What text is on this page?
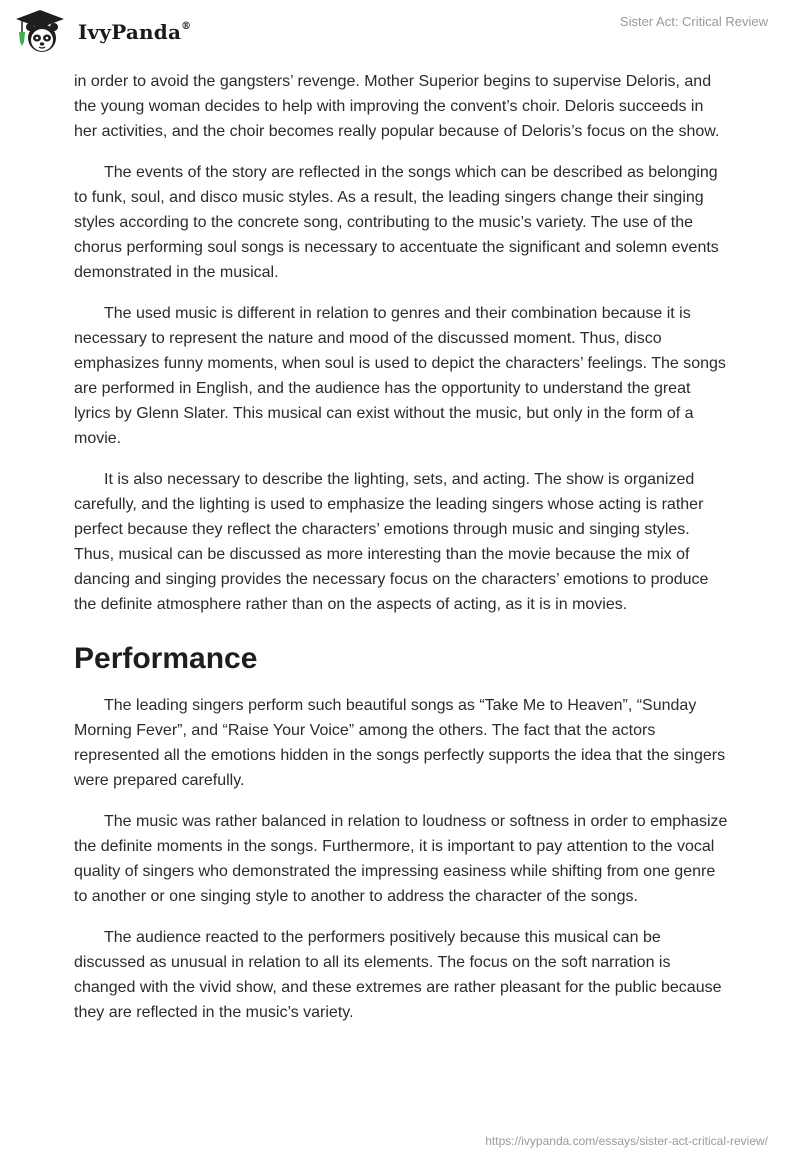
IvyPanda®	Sister Act: Critical Review

in order to avoid the gangsters’ revenge. Mother Superior begins to supervise Deloris, and the young woman decides to help with improving the convent’s choir. Deloris succeeds in her activities, and the choir becomes really popular because of Deloris’s focus on the show.

The events of the story are reflected in the songs which can be described as belonging to funk, soul, and disco music styles. As a result, the leading singers change their singing styles according to the concrete song, contributing to the music’s variety. The use of the chorus performing soul songs is necessary to accentuate the significant and solemn events demonstrated in the musical.

The used music is different in relation to genres and their combination because it is necessary to represent the nature and mood of the discussed moment. Thus, disco emphasizes funny moments, when soul is used to depict the characters’ feelings. The songs are performed in English, and the audience has the opportunity to understand the great lyrics by Glenn Slater. This musical can exist without the music, but only in the form of a movie.

It is also necessary to describe the lighting, sets, and acting. The show is organized carefully, and the lighting is used to emphasize the leading singers whose acting is rather perfect because they reflect the characters’ emotions through music and singing styles. Thus, musical can be discussed as more interesting than the movie because the mix of dancing and singing provides the necessary focus on the characters’ emotions to produce the definite atmosphere rather than on the aspects of acting, as it is in movies.

Performance

The leading singers perform such beautiful songs as “Take Me to Heaven”, “Sunday Morning Fever”, and “Raise Your Voice” among the others. The fact that the actors represented all the emotions hidden in the songs perfectly supports the idea that the singers were prepared carefully.

The music was rather balanced in relation to loudness or softness in order to emphasize the definite moments in the songs. Furthermore, it is important to pay attention to the vocal quality of singers who demonstrated the impressing easiness while shifting from one genre to another or one singing style to another to address the character of the songs.

The audience reacted to the performers positively because this musical can be discussed as unusual in relation to all its elements. The focus on the soft narration is changed with the vivid show, and these extremes are rather pleasant for the public because they are reflected in the music’s variety.

https://ivypanda.com/essays/sister-act-critical-review/
